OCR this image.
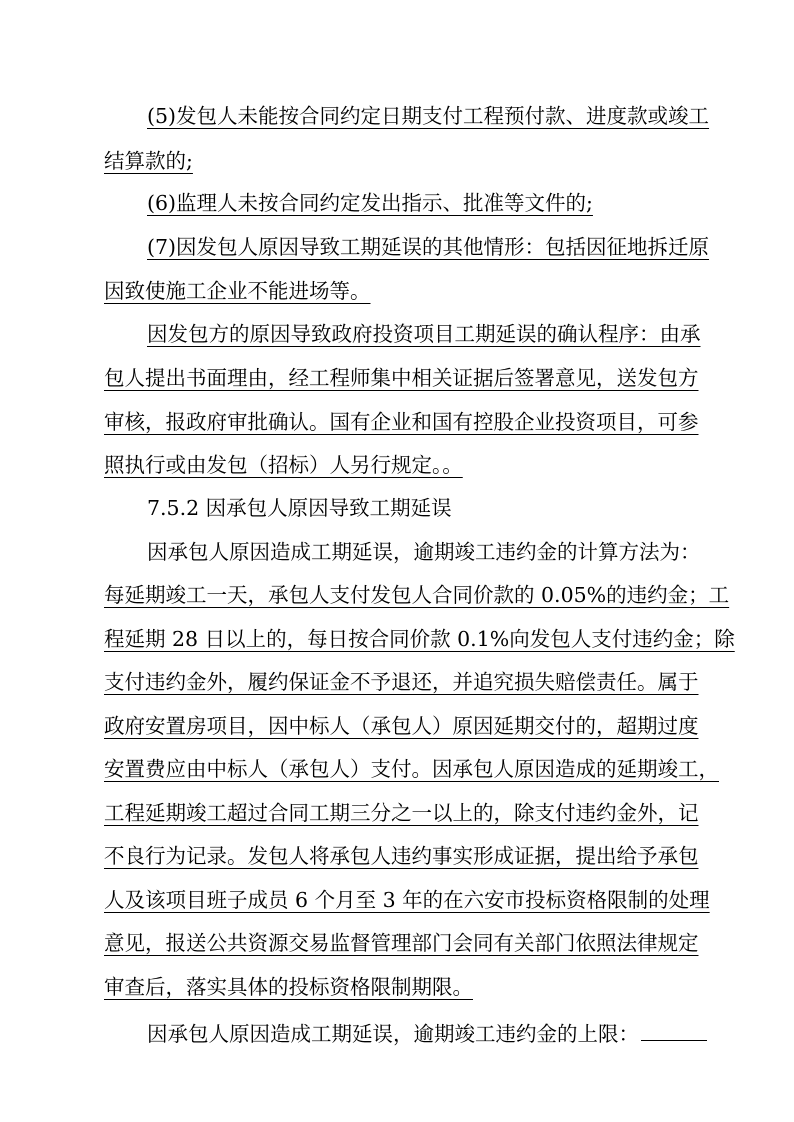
(5)发包人未能按合同约定日期支付工程预付款、进度款或竣工

结算款的;

(6)监理人未按合同约定发出指示、批准等文件的;

(7)因发包人原因导致工期延误的其他情形：包括因征地拆迁原

因致使施工企业不能进场等。

因发包方的原因导致政府投资项目工期延误的确认程序：由承

包人提出书面理由，经工程师集中相关证据后签署意见，送发包方

审核，报政府审批确认。国有企业和国有控股企业投资项目，可参

照执行或由发包（招标）人另行规定。。

7.5.2 因承包人原因导致工期延误

因承包人原因造成工期延误，逾期竣工违约金的计算方法为：

每延期竣工一天，承包人支付发包人合同价款的 0.05%的违约金；工

程延期 28 日以上的，每日按合同价款 0.1%向发包人支付违约金；除

支付违约金外，履约保证金不予退还，并追究损失赔偿责任。属于

政府安置房项目，因中标人（承包人）原因延期交付的，超期过度

安置费应由中标人（承包人）支付。因承包人原因造成的延期竣工，

工程延期竣工超过合同工期三分之一以上的，除支付违约金外，记

不良行为记录。发包人将承包人违约事实形成证据，提出给予承包

人及该项目班子成员 6 个月至 3 年的在六安市投标资格限制的处理

意见，报送公共资源交易监督管理部门会同有关部门依照法律规定

审查后，落实具体的投标资格限制期限。

因承包人原因造成工期延误，逾期竣工违约金的上限：
